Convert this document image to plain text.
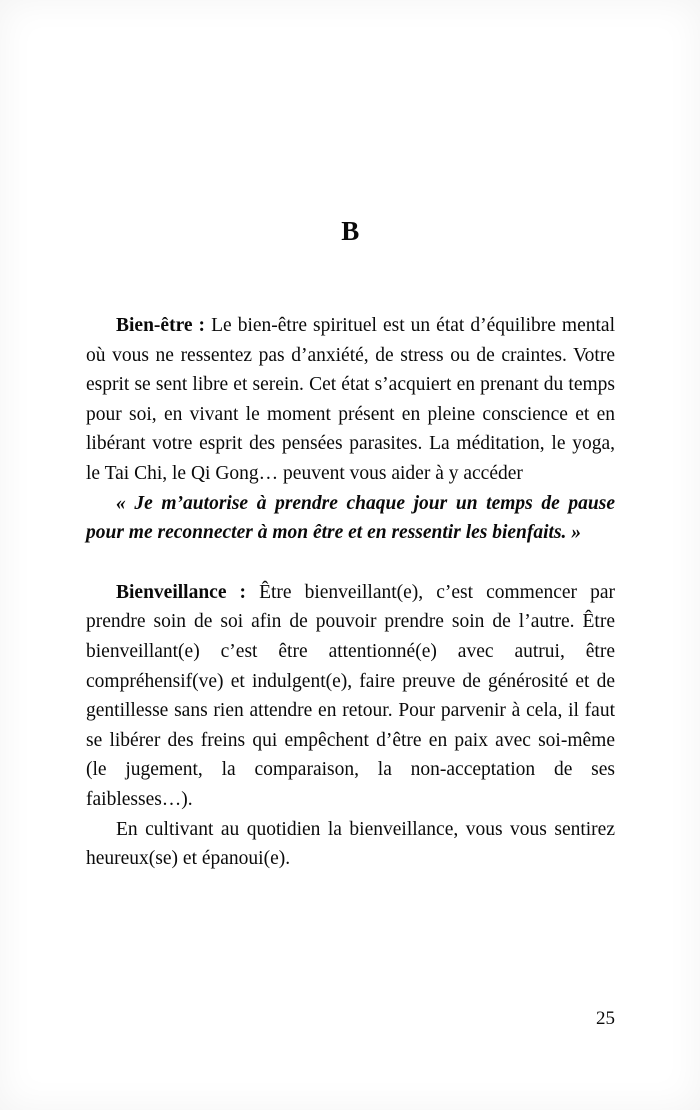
B

Bien-être : Le bien-être spirituel est un état d’équilibre mental où vous ne ressentez pas d’anxiété, de stress ou de craintes. Votre esprit se sent libre et serein. Cet état s’acquiert en prenant du temps pour soi, en vivant le moment présent en pleine conscience et en libérant votre esprit des pensées parasites. La méditation, le yoga, le Tai Chi, le Qi Gong… peuvent vous aider à y accéder

« Je m’autorise à prendre chaque jour un temps de pause pour me reconnecter à mon être et en ressentir les bienfaits. »

Bienveillance : Être bienveillant(e), c’est commencer par prendre soin de soi afin de pouvoir prendre soin de l’autre. Être bienveillant(e) c’est être attentionné(e) avec autrui, être compréhensif(ve) et indulgent(e), faire preuve de générosité et de gentillesse sans rien attendre en retour. Pour parvenir à cela, il faut se libérer des freins qui empêchent d’être en paix avec soi-même (le jugement, la comparaison, la non-acceptation de ses faiblesses…).

En cultivant au quotidien la bienveillance, vous vous sentirez heureux(se) et épanoui(e).

25
